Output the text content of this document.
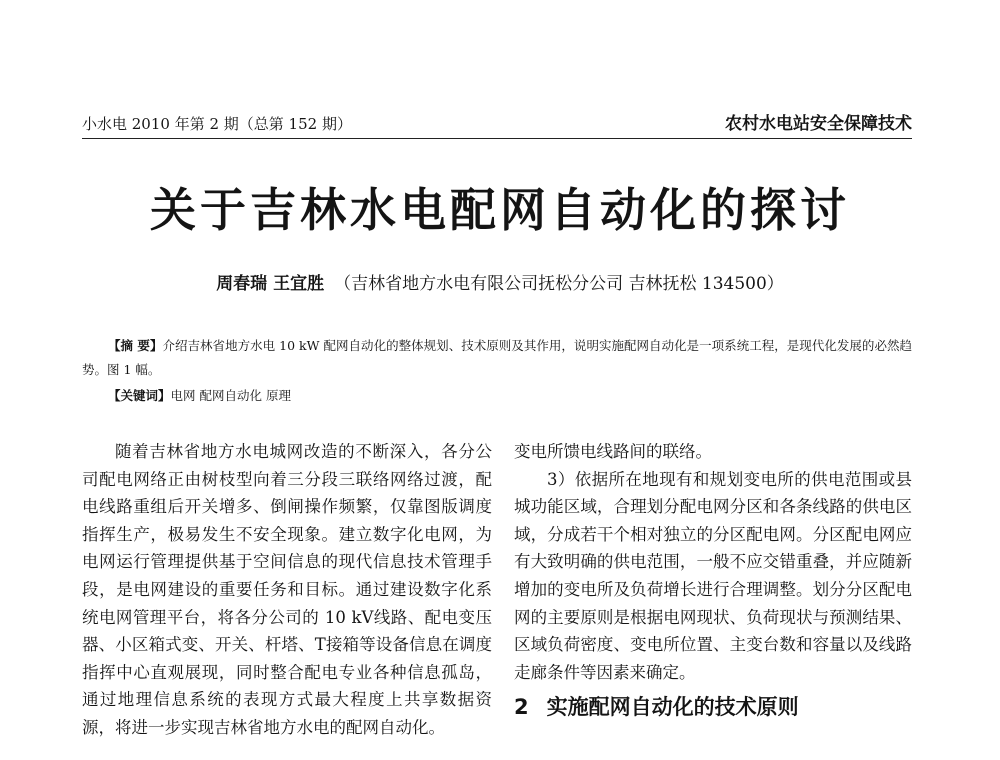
小水电 2010 年第 2 期（总第 152 期）	农村水电站安全保障技术
关于吉林水电配网自动化的探讨
周春瑞 王宜胜 （吉林省地方水电有限公司抚松分公司 吉林抚松 134500）
【摘 要】介绍吉林省地方水电 10 kW 配网自动化的整体规划、技术原则及其作用，说明实施配网自动化是一项系统工程，是现代化发展的必然趋势。图 1 幅。
【关键词】电网 配网自动化 原理

随着吉林省地方水电城网改造的不断深入，各分公司配电网络正由树枝型向着三分段三联络网络过渡，配电线路重组后开关增多、倒闸操作频繁，仅靠图版调度指挥生产，极易发生不安全现象。建立数字化电网，为电网运行管理提供基于空间信息的现代信息技术管理手段，是电网建设的重要任务和目标。通过建设数字化系统电网管理平台，将各分公司的 10 kV线路、配电变压器、小区箱式变、开关、杆塔、T接箱等设备信息在调度指挥中心直观展现，同时整合配电专业各种信息孤岛，通过地理信息系统的表现方式最大程度上共享数据资源，将进一步实现吉林省地方水电的配网自动化。

变电所馈电线路间的联络。

3）依据所在地现有和规划变电所的供电范围或县城功能区域，合理划分配电网分区和各条线路的供电区域，分成若干个相对独立的分区配电网。分区配电网应有大致明确的供电范围，一般不应交错重叠，并应随新增加的变电所及负荷增长进行合理调整。划分分区配电网的主要原则是根据电网现状、负荷现状与预测结果、区域负荷密度、变电所位置、主变台数和容量以及线路走廊条件等因素来确定。

2 实施配网自动化的技术原则
